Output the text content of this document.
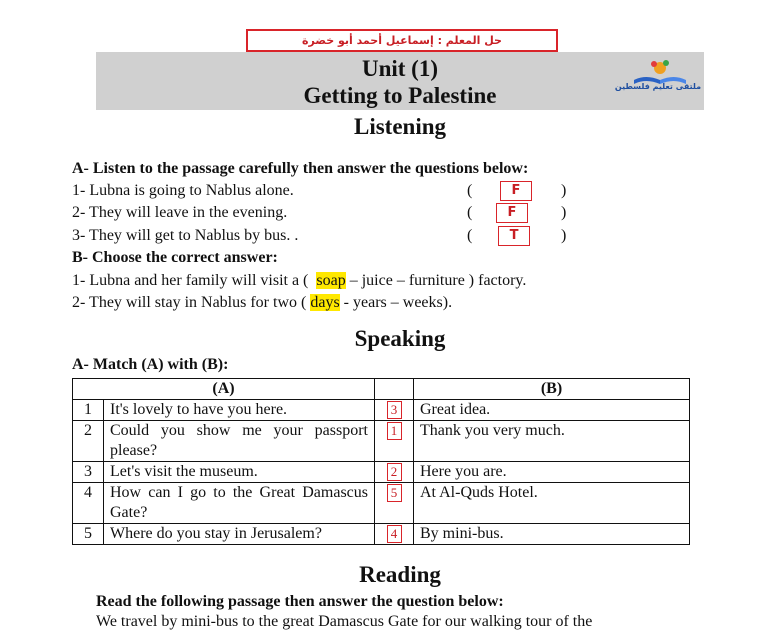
حل المعلم : إسماعيل أحمد أبو خضرة
Unit (1)
Getting to Palestine	ملتقى تعليم فلسطين
Listening
A- Listen to the passage carefully then answer the questions below:
1- Lubna is going to Nablus alone.	(	F	)
2- They will leave in the evening.	(	F	)
3- They will get to Nablus by bus. .	(	T	)
B- Choose the correct answer:
1- Lubna and her family will visit a ( soap – juice – furniture ) factory.
2- They will stay in Nablus for two ( days - years – weeks).
Speaking
A- Match (A) with (B):
(A)			(B)
1	It's lovely to have you here.	3	Great idea.
2	Could you show me your passport please?	1	Thank you very much.
3	Let's visit the museum.	2	Here you are.
4	How can I go to the Great Damascus Gate?	5	At Al-Quds Hotel.
5	Where do you stay in Jerusalem?	4	By mini-bus.
Reading
Read the following passage then answer the question below:
We travel by mini-bus to the great Damascus Gate for our walking tour of the
